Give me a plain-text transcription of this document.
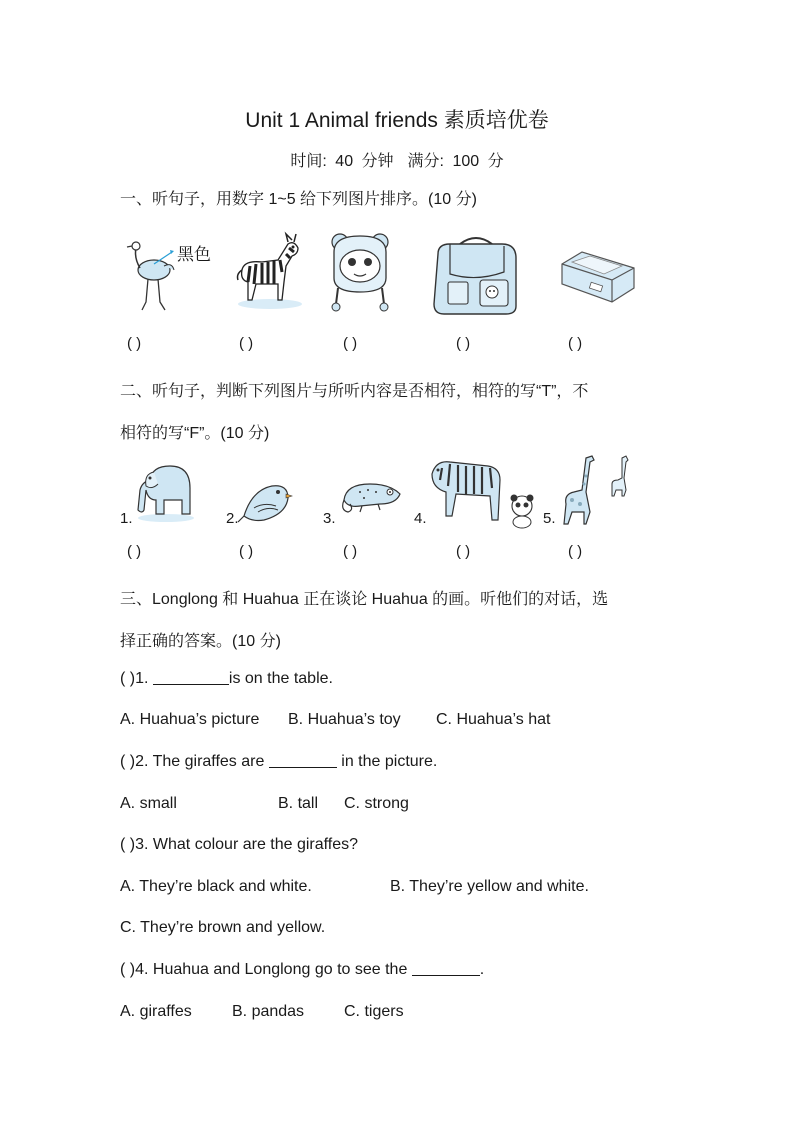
Unit 1 Animal friends 素质培优卷
时间: 40 分钟 满分: 100 分
一、听句子，用数字 1~5 给下列图片排序。(10 分)
黑色
( )	( )	( )	( )	( )
二、听句子，判断下列图片与所听内容是否相符，相符的写“T”，不
相符的写“F”。(10 分)
1.	2.	3.	4.	5.
( )	( )	( )	( )	( )
三、Longlong 和 Huahua 正在谈论 Huahua 的画。听他们的对话，选
择正确的答案。(10 分)
( )1.	is on the table.
A. Huahua’s picture B. Huahua’s toy C. Huahua’s hat
( )2. The giraffes are	in the picture.
A. small	B. tall C. strong
( )3. What colour are the giraffes?
A. They’re black and white.	B. They’re yellow and white.
C. They’re brown and yellow.
( )4. Huahua and Longlong go to see the	.
A. giraffes	B. pandas C. tigers
